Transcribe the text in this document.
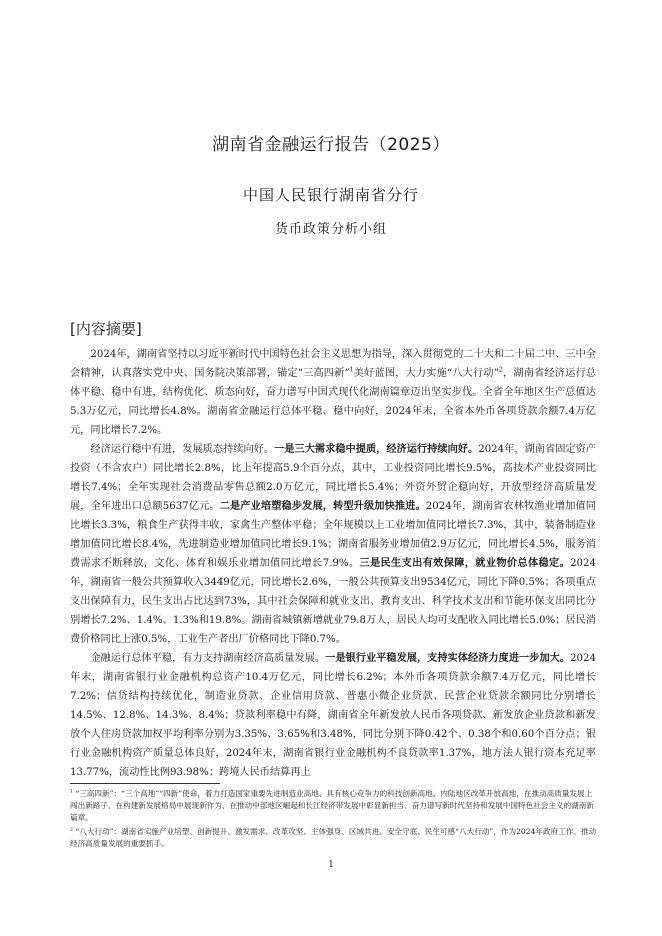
湖南省金融运行报告（2025）
中国人民银行湖南省分行
货币政策分析小组
[内容摘要]

2024年，湖南省坚持以习近平新时代中国特色社会主义思想为指导，深入贯彻党的二十大和二十届二中、三中全会精神，认真落实党中央、国务院决策部署，锚定“三高四新”$^1$美好蓝图，大力实施“八大行动”$^2$，湖南省经济运行总体平稳、稳中有进，结构优化、质态向好，奋力谱写中国式现代化湖南篇章迈出坚实步伐。全省全年地区生产总值达5.3万亿元，同比增长4.8%。湖南省金融运行总体平稳、稳中向好，2024年末，全省本外币各项贷款余额7.4万亿元，同比增长7.2%。

经济运行稳中有进，发展质态持续向好。一是三大需求稳中提质，经济运行持续向好。2024年，湖南省固定资产投资（不含农户）同比增长2.8%，比上年提高5.9个百分点，其中，工业投资同比增长9.5%，高技术产业投资同比增长7.4%；全年实现社会消费品零售总额2.0万亿元，同比增长5.4%；外资外贸企稳向好，开放型经济高质量发展，全年进出口总额5637亿元。二是产业培塑稳步发展，转型升级加快推进。2024年，湖南省农林牧渔业增加值同比增长3.3%，粮食生产获得丰收，家禽生产整体平稳；全年规模以上工业增加值同比增长7.3%，其中，装备制造业增加值同比增长8.4%，先进制造业增加值同比增长9.1%；湖南省服务业增加值2.9万亿元，同比增长4.5%，服务消费需求不断释放，文化、体育和娱乐业增加值同比增长7.9%。三是民生支出有效保障，就业物价总体稳定。2024年，湖南省一般公共预算收入3449亿元，同比增长2.6%，一般公共预算支出9534亿元，同比下降0.5%；各项重点支出保障有力，民生支出占比达到73%，其中社会保障和就业支出、教育支出、科学技术支出和节能环保支出同比分别增长7.2%、1.4%、1.3%和19.8%。湖南省城镇新增就业79.8万人，居民人均可支配收入同比增长5.0%；居民消费价格同比上涨0.5%，工业生产者出厂价格同比下降0.7%。

金融运行总体平稳，有力支持湖南经济高质量发展。一是银行业平稳发展，支持实体经济力度进一步加大。2024年末，湖南省银行业金融机构总资产10.4万亿元，同比增长6.2%；本外币各项贷款余额7.4万亿元，同比增长7.2%；信贷结构持续优化，制造业贷款、企业信用贷款、普惠小微企业贷款、民营企业贷款余额同比分别增长14.5%、12.8%、14.3%、8.4%；贷款利率稳中有降，湖南省全年新发放人民币各项贷款、新发放企业贷款和新发放个人住房贷款加权平均利率分别为3.35%、3.65%和3.48%，同比分别下降0.42个、0.38个和0.60个百分点；银行业金融机构资产质量总体良好，2024年末，湖南省银行业金融机构不良贷款率1.37%，地方法人银行资本充足率13.77%，流动性比例93.98%；跨境人民币结算再上

$^1$ “三高四新”：“三个高地”“四新”使命，着力打造国家重要先进制造业高地、具有核心竞争力的科技创新高地、内陆地区改革开放高地，在推动高质量发展上闯出新路子、在构建新发展格局中展现新作为、在推动中部地区崛起和长江经济带发展中彰显新担当、奋力谱写新时代坚持和发展中国特色社会主义的湖南新篇章。

$^2$ “八大行动”：湖南省实施产业培塑、创新提升、激发需求、改革攻坚、主体强身、区域共进、安全守底、民生可感“八大行动”，作为2024年政府工作、推动经济高质量发展的重要抓手。

1
